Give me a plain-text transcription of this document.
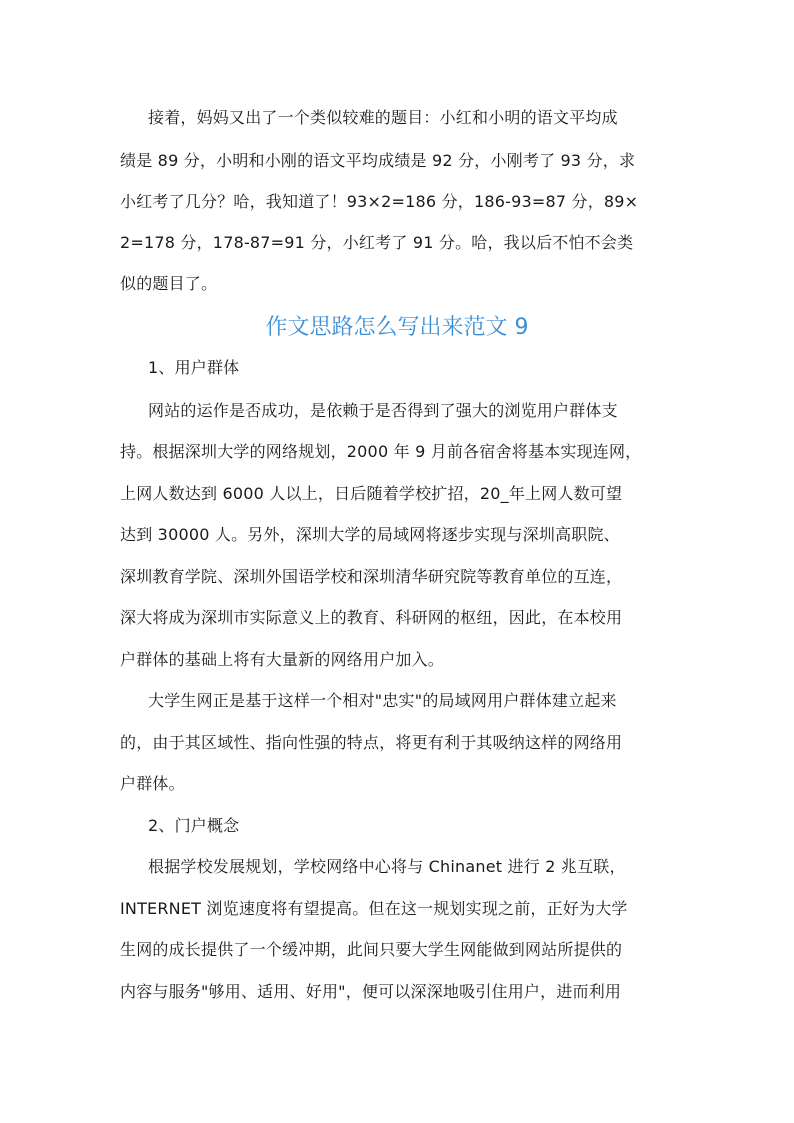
接着，妈妈又出了一个类似较难的题目：小红和小明的语文平均成
绩是 89 分，小明和小刚的语文平均成绩是 92 分，小刚考了 93 分，求
小红考了几分？哈，我知道了！93×2=186 分，186-93=87 分，89×
2=178 分，178-87=91 分，小红考了 91 分。哈，我以后不怕不会类
似的题目了。
作文思路怎么写出来范文 9
1、用户群体
网站的运作是否成功，是依赖于是否得到了强大的浏览用户群体支
持。根据深圳大学的网络规划，2000 年 9 月前各宿舍将基本实现连网，
上网人数达到 6000 人以上，日后随着学校扩招，20_年上网人数可望
达到 30000 人。另外，深圳大学的局域网将逐步实现与深圳高职院、
深圳教育学院、深圳外国语学校和深圳清华研究院等教育单位的互连，
深大将成为深圳市实际意义上的教育、科研网的枢纽，因此，在本校用
户群体的基础上将有大量新的网络用户加入。
大学生网正是基于这样一个相对"忠实"的局域网用户群体建立起来
的，由于其区域性、指向性强的特点，将更有利于其吸纳这样的网络用
户群体。
2、门户概念
根据学校发展规划，学校网络中心将与 Chinanet 进行 2 兆互联，
INTERNET 浏览速度将有望提高。但在这一规划实现之前，正好为大学
生网的成长提供了一个缓冲期，此间只要大学生网能做到网站所提供的
内容与服务"够用、适用、好用"，便可以深深地吸引住用户，进而利用
